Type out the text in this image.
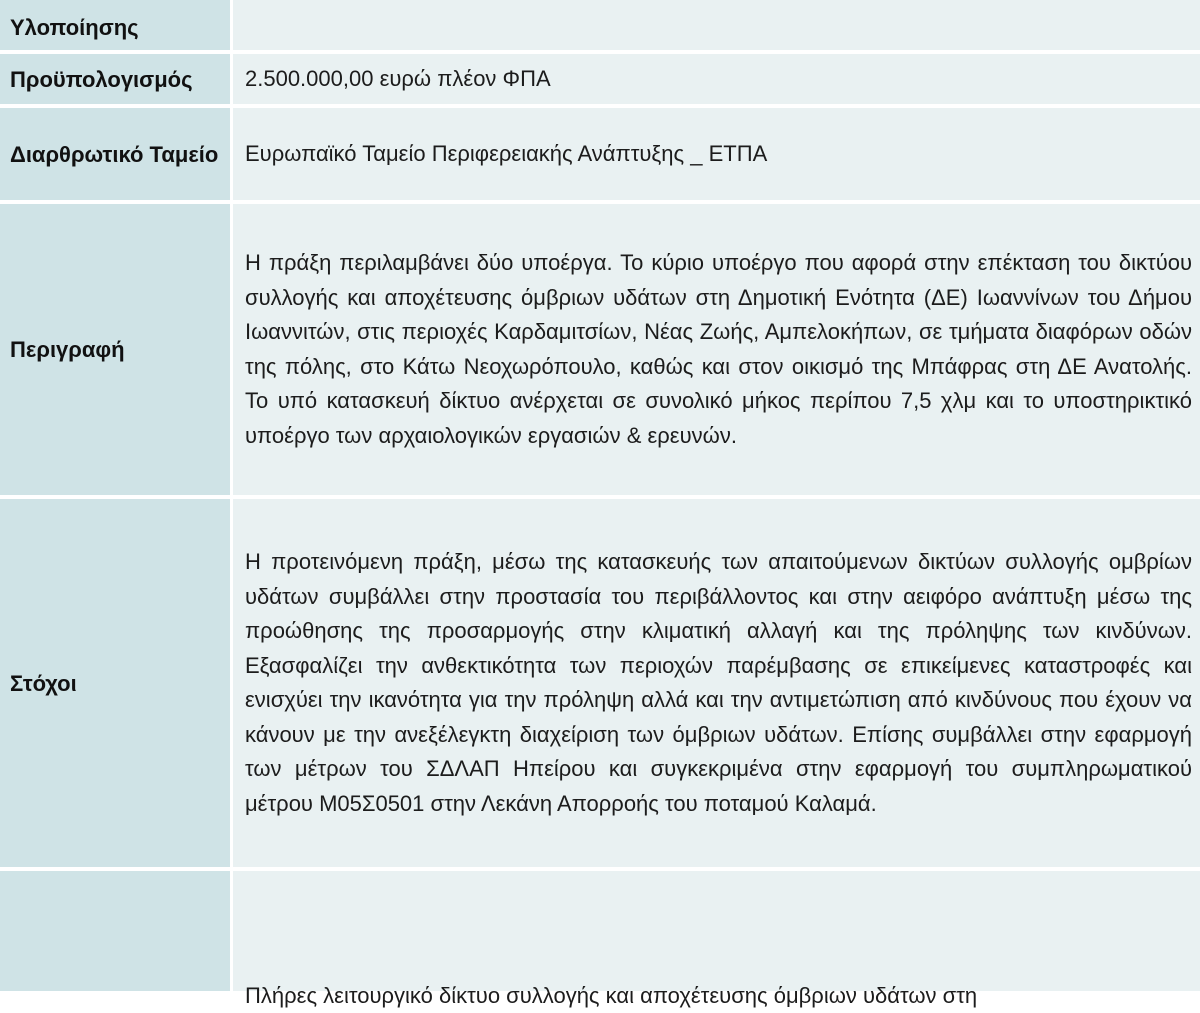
Υλοποίησης

Προϋπολογισμός	2.500.000,00 ευρώ πλέον ΦΠΑ

Διαρθρωτικό Ταμείο	Ευρωπαϊκό Ταμείο Περιφερειακής Ανάπτυξης _ ΕΤΠΑ

Περιγραφή

Η πράξη περιλαμβάνει δύο υποέργα. Το κύριο υποέργο που αφορά στην επέκταση του δικτύου συλλογής και αποχέτευσης όμβριων υδάτων στη Δημοτική Ενότητα (ΔΕ) Ιωαννίνων του Δήμου Ιωαννιτών, στις περιοχές Καρδαμιτσίων, Νέας Ζωής, Αμπελοκήπων, σε τμήματα διαφόρων οδών της πόλης, στο Κάτω Νεοχωρόπουλο, καθώς και στον οικισμό της Μπάφρας στη ΔΕ Ανατολής. Το υπό κατασκευή δίκτυο ανέρχεται σε συνολικό μήκος περίπου 7,5 χλμ και το υποστηρικτικό υποέργο των αρχαιολογικών εργασιών & ερευνών.

Στόχοι

Η προτεινόμενη πράξη, μέσω της κατασκευής των απαιτούμενων δικτύων συλλογής ομβρίων υδάτων συμβάλλει στην προστασία του περιβάλλοντος και στην αειφόρο ανάπτυξη μέσω της προώθησης της προσαρμογής στην κλιματική αλλαγή και της πρόληψης των κινδύνων. Εξασφαλίζει την ανθεκτικότητα των περιοχών παρέμβασης σε επικείμενες καταστροφές και ενισχύει την ικανότητα για την πρόληψη αλλά και την αντιμετώπιση από κινδύνους που έχουν να κάνουν με την ανεξέλεγκτη διαχείριση των όμβριων υδάτων. Επίσης συμβάλλει στην εφαρμογή των μέτρων του ΣΔΛΑΠ Ηπείρου και συγκεκριμένα στην εφαρμογή του συμπληρωματικού μέτρου Μ05Σ0501 στην Λεκάνη Απορροής του ποταμού Καλαμά.

Πλήρες λειτουργικό δίκτυο συλλογής και αποχέτευσης όμβριων υδάτων στη
